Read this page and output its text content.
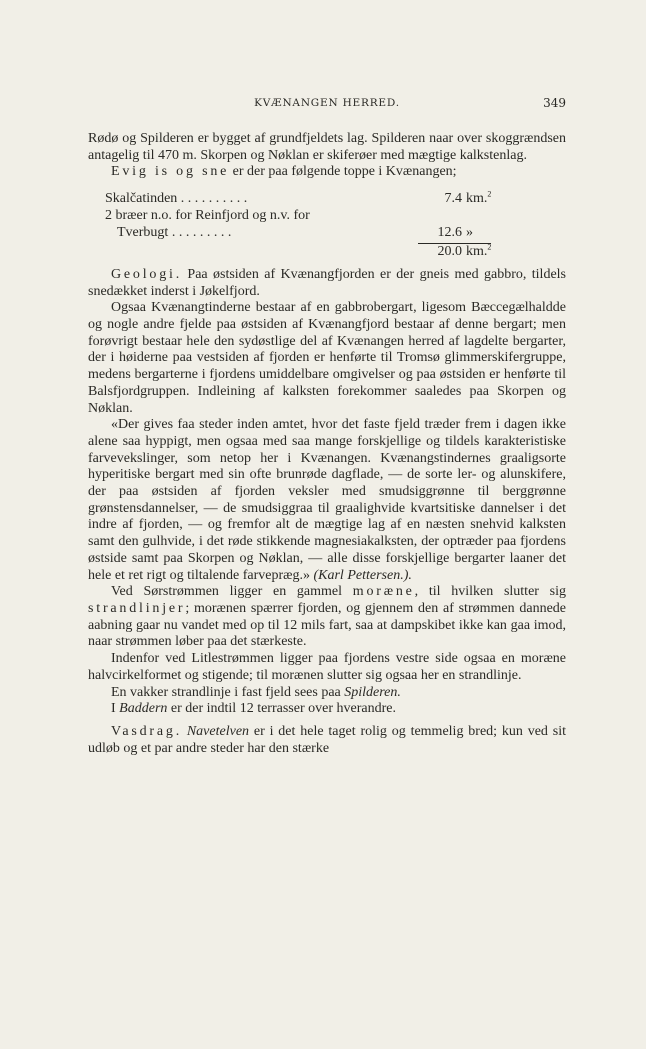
KVÆNANGEN HERRED.	349

Rødø og Spilderen er bygget af grundfjeldets lag. Spilderen naar over skoggrændsen antagelig til 470 m. Skorpen og Nøklan er skiferøer med mægtige kalkstenlag.

Evig is og sne er der paa følgende toppe i Kvænangen;

Skalčatinden . . . . . . . . . .	7.4 km.$^2$
2 bræer n.o. for Reinfjord og n.v. for
Tverbugt . . . . . . . . .	12.6 »
20.0 km.$^2$

Geologi. Paa østsiden af Kvænangfjorden er der gneis med gabbro, tildels snedækket inderst i Jøkelfjord.

Ogsaa Kvænangtinderne bestaar af en gabbrobergart, ligesom Bæccegælhaldde og nogle andre fjelde paa østsiden af Kvænangfjord bestaar af denne bergart; men forøvrigt bestaar hele den sydøstlige del af Kvænangen herred af lagdelte bergarter, der i høiderne paa vestsiden af fjorden er henførte til Tromsø glimmerskifergruppe, medens bergarterne i fjordens umiddelbare omgivelser og paa østsiden er henførte til Balsfjordgruppen. Indleining af kalksten forekommer saaledes paa Skorpen og Nøklan.

«Der gives faa steder inden amtet, hvor det faste fjeld træder frem i dagen ikke alene saa hyppigt, men ogsaa med saa mange forskjellige og tildels karakteristiske farvevekslinger, som netop her i Kvænangen. Kvænangstindernes graaligsorte hyperitiske bergart med sin ofte brunrøde dagflade, — de sorte ler- og alunskifere, der paa østsiden af fjorden veksler med smudsiggrønne til berggrønne grønstensdannelser, — de smudsiggraa til graalighvide kvartsitiske dannelser i det indre af fjorden, — og fremfor alt de mægtige lag af en næsten snehvid kalksten samt den gulhvide, i det røde stikkende magnesiakalksten, der optræder paa fjordens østside samt paa Skorpen og Nøklan, — alle disse forskjellige bergarter laaner det hele et ret rigt og tiltalende farvepræg.» (Karl Pettersen.).

Ved Sørstrømmen ligger en gammel moræne, til hvilken slutter sig strandlinjer; morænen spærrer fjorden, og gjennem den af strømmen dannede aabning gaar nu vandet med op til 12 mils fart, saa at dampskibet ikke kan gaa imod, naar strømmen løber paa det stærkeste.

Indenfor ved Litlestrømmen ligger paa fjordens vestre side ogsaa en moræne halvcirkelformet og stigende; til morænen slutter sig ogsaa her en strandlinje.

En vakker strandlinje i fast fjeld sees paa Spilderen.

I Baddern er der indtil 12 terrasser over hverandre.

Vasdrag. Navetelven er i det hele taget rolig og temmelig bred; kun ved sit udløb og et par andre steder har den stærke
